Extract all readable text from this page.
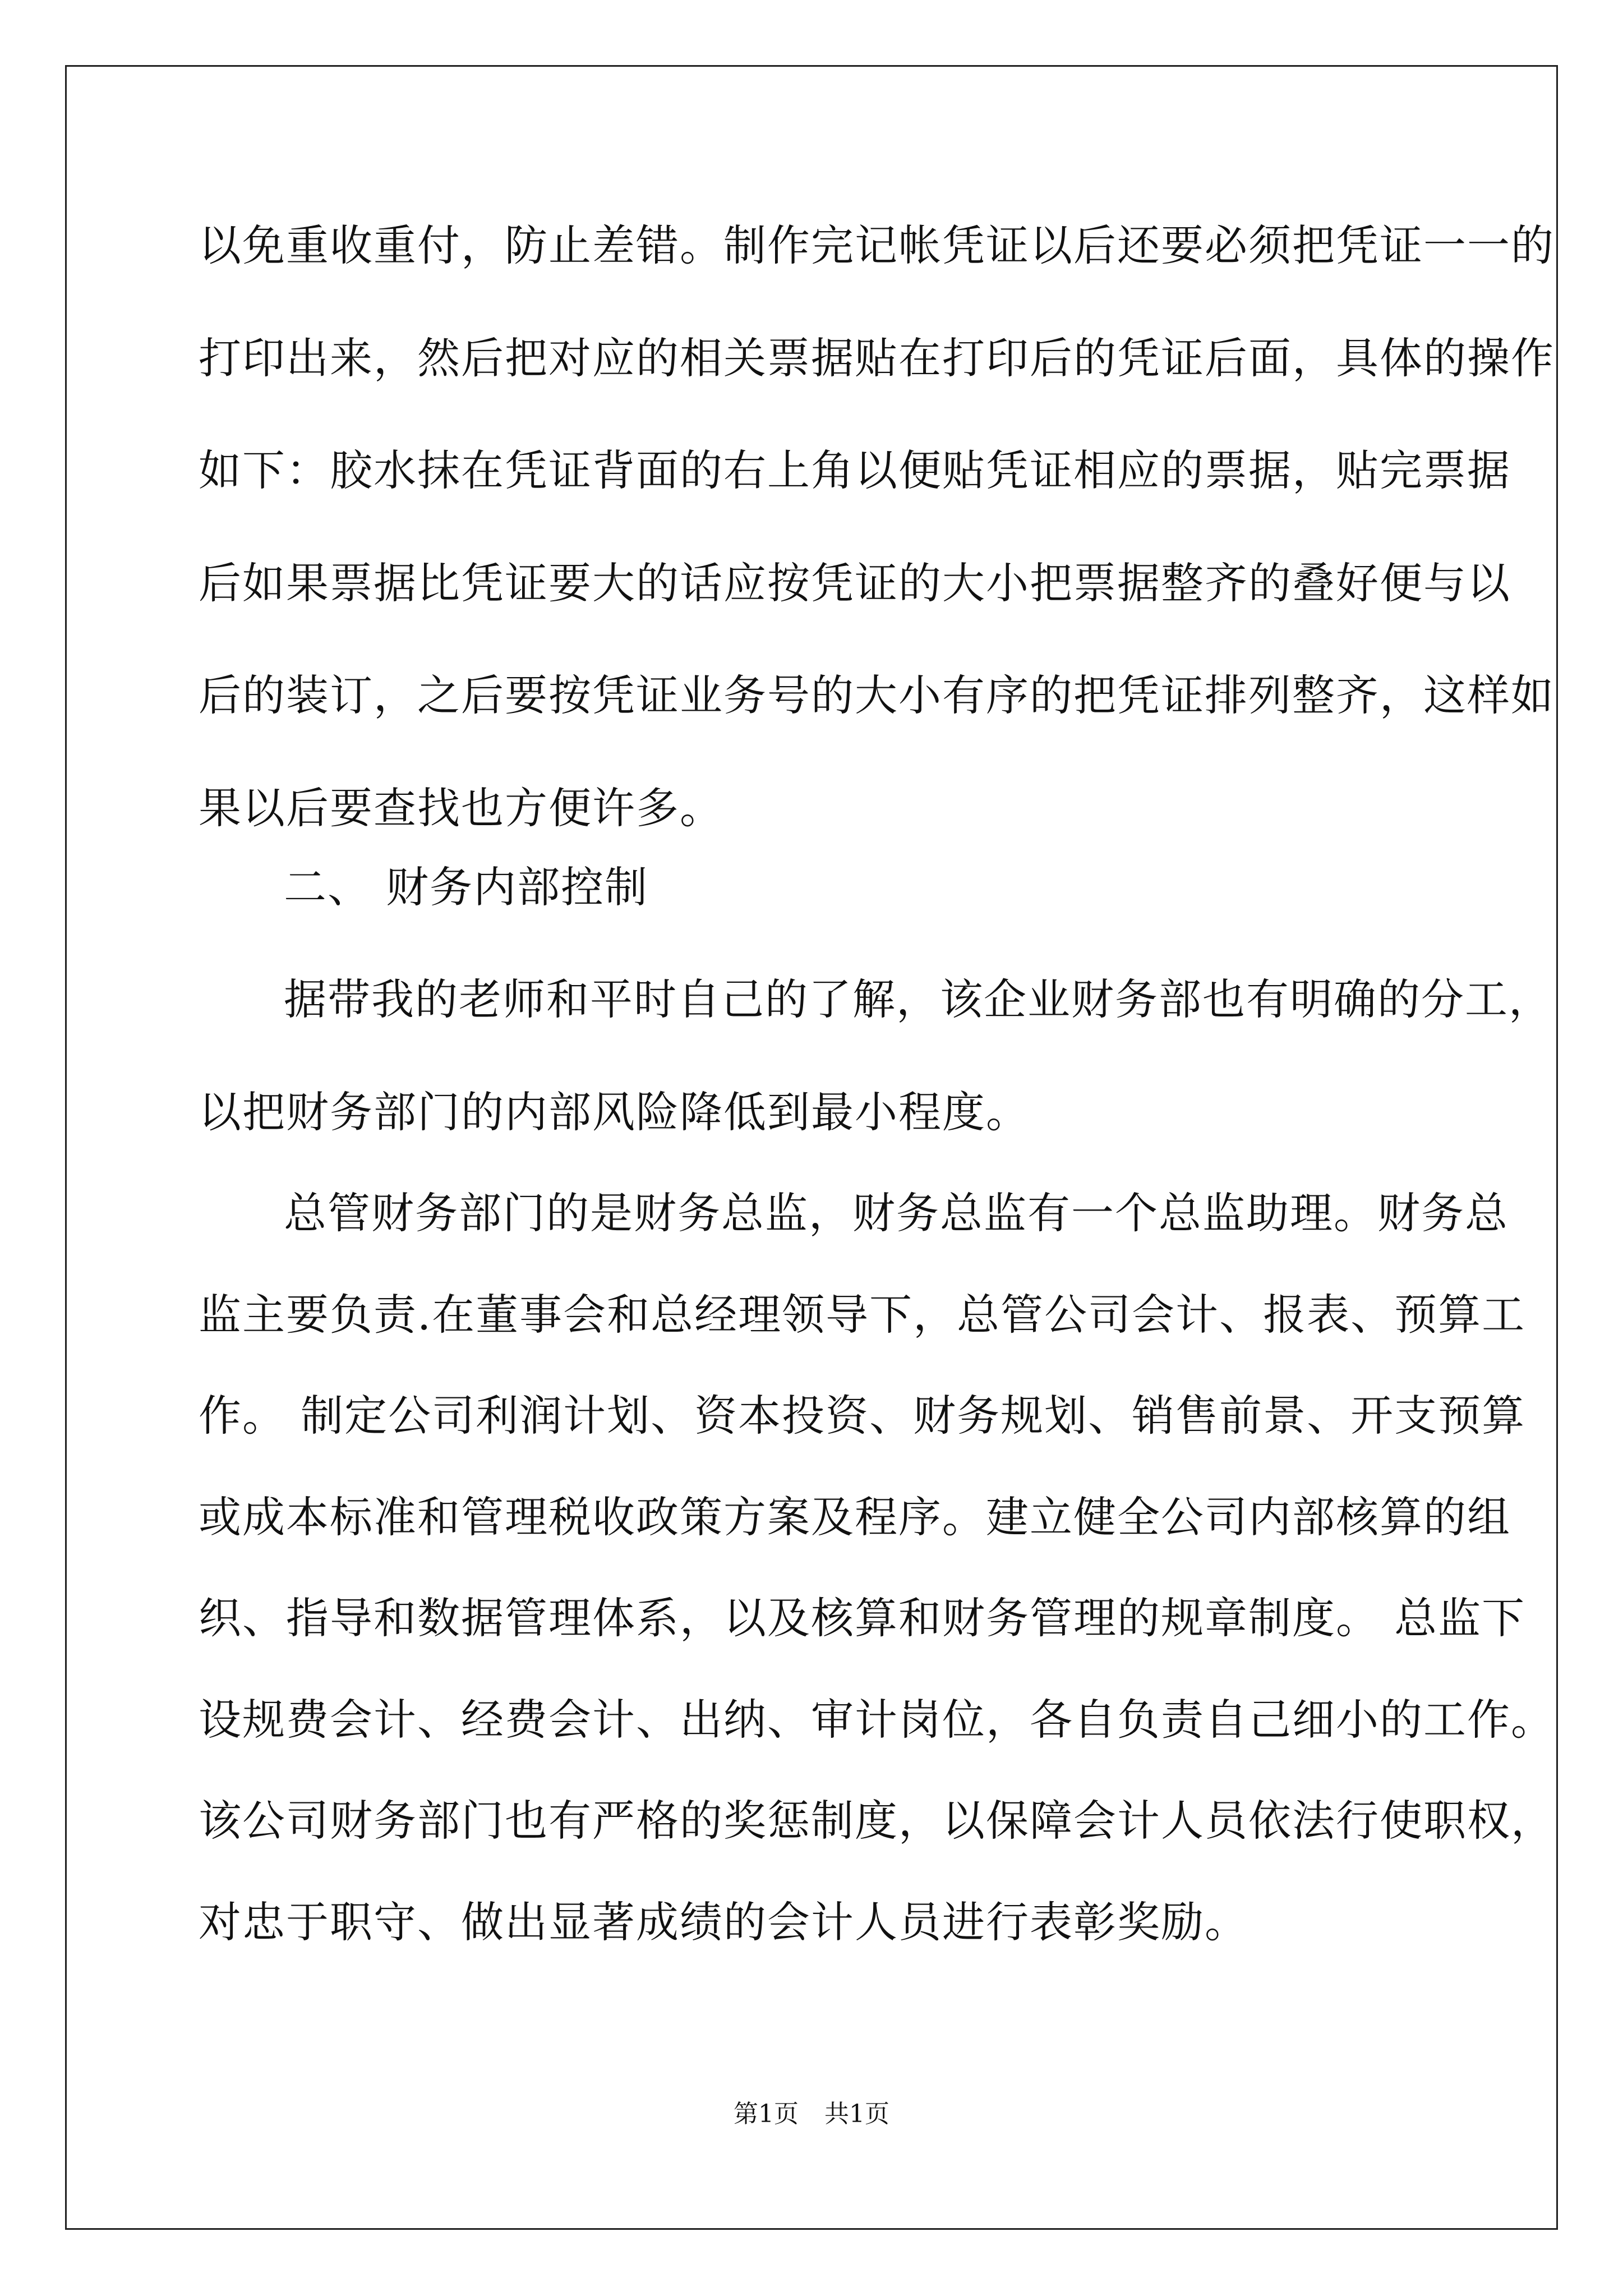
以免重收重付，防止差错。制作完记帐凭证以后还要必须把凭证一一的
打印出来，然后把对应的相关票据贴在打印后的凭证后面，具体的操作
如下：胶水抹在凭证背面的右上角以便贴凭证相应的票据，贴完票据
后如果票据比凭证要大的话应按凭证的大小把票据整齐的叠好便与以
后的装订，之后要按凭证业务号的大小有序的把凭证排列整齐，这样如
果以后要查找也方便许多。
二、 财务内部控制
据带我的老师和平时自己的了解，该企业财务部也有明确的分工，
以把财务部门的内部风险降低到最小程度。
总管财务部门的是财务总监，财务总监有一个总监助理。财务总
监主要负责.在董事会和总经理领导下，总管公司会计、报表、预算工
作。 制定公司利润计划、资本投资、财务规划、销售前景、开支预算
或成本标准和管理税收政策方案及程序。建立健全公司内部核算的组
织、指导和数据管理体系，以及核算和财务管理的规章制度。 总监下
设规费会计、经费会计、出纳、审计岗位，各自负责自己细小的工作。
该公司财务部门也有严格的奖惩制度，以保障会计人员依法行使职权，
对忠于职守、做出显著成绩的会计人员进行表彰奖励。
第1页 共1页
